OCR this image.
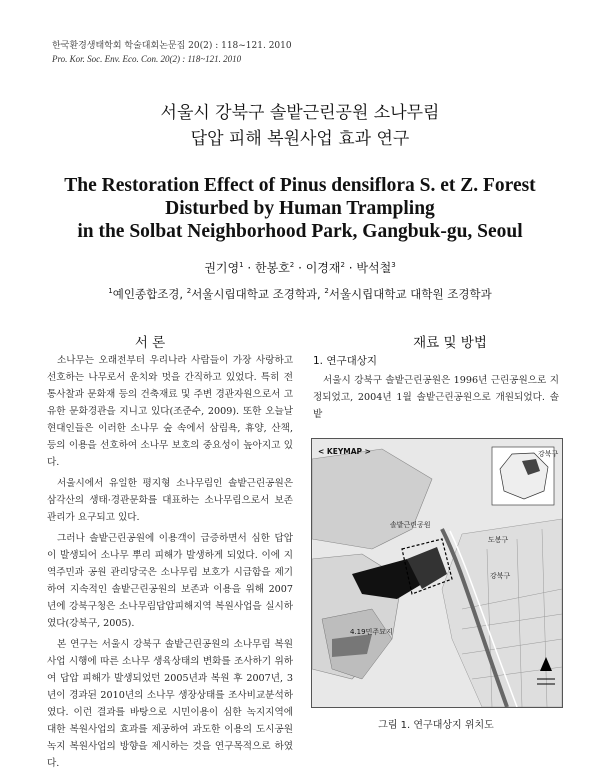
한국환경생태학회 학술대회논문집 20(2) : 118~121. 2010
Pro. Kor. Soc. Env. Eco. Con. 20(2) : 118~121. 2010
서울시 강북구 솔밭근린공원 소나무림
답압 피해 복원사업 효과 연구
The Restoration Effect of Pinus densiflora S. et Z. Forest
Disturbed by Human Trampling
in the Solbat Neighborhood Park, Gangbuk-gu, Seoul
권기영$^1$ · 한봉호$^2$ · 이경재$^2$ · 박석철$^3$
$^1$예인종합조경, $^2$서울시립대학교 조경학과, $^2$서울시립대학교 대학원 조경학과
서 론	재료 및 방법

소나무는 오래전부터 우리나라 사람들이 가장 사랑하고 선호하는 나무로서 운치와 멋을 간직하고 있었다. 특히 전통사찰과 문화재 등의 건축재료 및 주변 경관자원으로서 고유한 문화경관을 지니고 있다(조준수, 2009). 또한 오늘날 현대인들은 이러한 소나무 숲 속에서 삼림욕, 휴양, 산책, 등의 이용을 선호하여 소나무 보호의 중요성이 높아지고 있다.

서울시에서 유일한 평지형 소나무림인 솔밭근린공원은 삼각산의 생태·경관문화를 대표하는 소나무림으로서 보존관리가 요구되고 있다.

그러나 솔밭근린공원에 이용객이 급증하면서 심한 답압이 발생되어 소나무 뿌리 피해가 발생하게 되었다. 이에 지역주민과 공원 관리당국은 소나무림 보호가 시급함을 제기하여 지속적인 솔밭근린공원의 보존과 이용을 위해 2007년에 강북구청은 소나무림답압피해지역 복원사업을 실시하였다(강북구, 2005).

본 연구는 서울시 강북구 솔밭근린공원의 소나무림 복원사업 시행에 따른 소나무 생육상태의 변화를 조사하기 위하여 답압 피해가 발생되었던 2005년과 복원 후 2007년, 3년이 경과된 2010년의 소나무 생장상태를 조사비교분석하였다. 이런 결과를 바탕으로 시민이용이 심한 녹지지역에 대한 복원사업의 효과를 제공하여 과도한 이용의 도시공원녹지 복원사업의 방향을 제시하는 것을 연구목적으로 하였다.

1. 연구대상지

서울시 강북구 솔밭근린공원은 1996년 근린공원으로 지정되었고, 2004년 1월 솔밭근린공원으로 개원되었다. 솔밭

< KEYMAP >
솔밭근린공원
도봉구
강북구
강북구
4.19민주묘지
그림 1. 연구대상지 위치도
